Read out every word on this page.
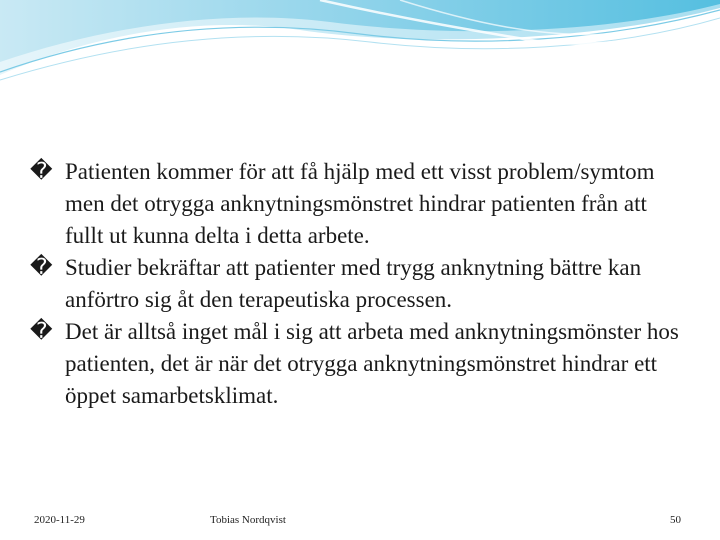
� Patienten kommer för att få hjälp med ett visst problem/symtom men det otrygga anknytningsmönstret hindrar patienten från att fullt ut kunna delta i detta arbete.

� Studier bekräftar att patienter med trygg anknytning bättre kan anförtro sig åt den terapeutiska processen.

� Det är alltså inget mål i sig att arbeta med anknytningsmönster hos patienten, det är när det otrygga anknytningsmönstret hindrar ett öppet samarbetsklimat.

2020-11-29	Tobias Nordqvist	50
